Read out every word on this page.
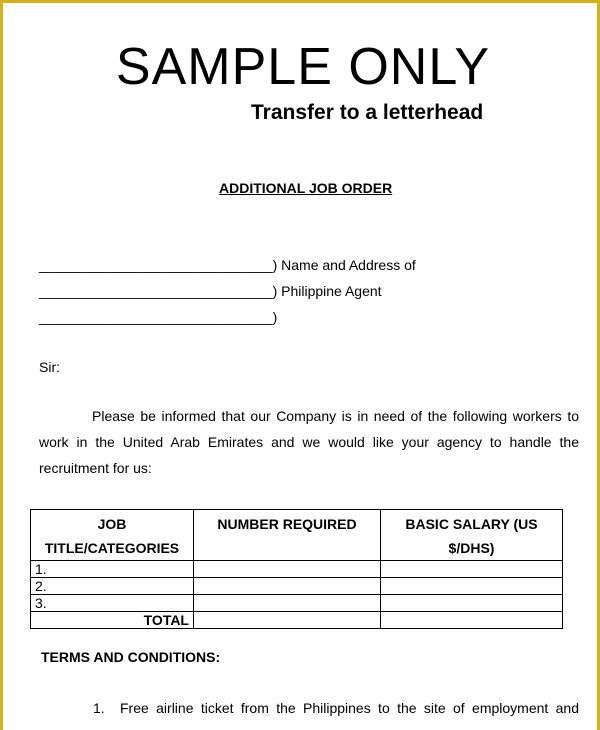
SAMPLE ONLY
Transfer to a letterhead
ADDITIONAL JOB ORDER
______________________________) Name and Address of
______________________________) Philippine Agent
______________________________)
Sir:
Please be informed that our Company is in need of the following workers to work in the United Arab Emirates and we would like your agency to handle the recruitment for us:
JOB TITLE/CATEGORIES	NUMBER REQUIRED	BASIC SALARY (US $/DHS)
1.		
2.		
3.		
TOTAL		
TERMS AND CONDITIONS:
1. Free airline ticket from the Philippines to the site of employment and
